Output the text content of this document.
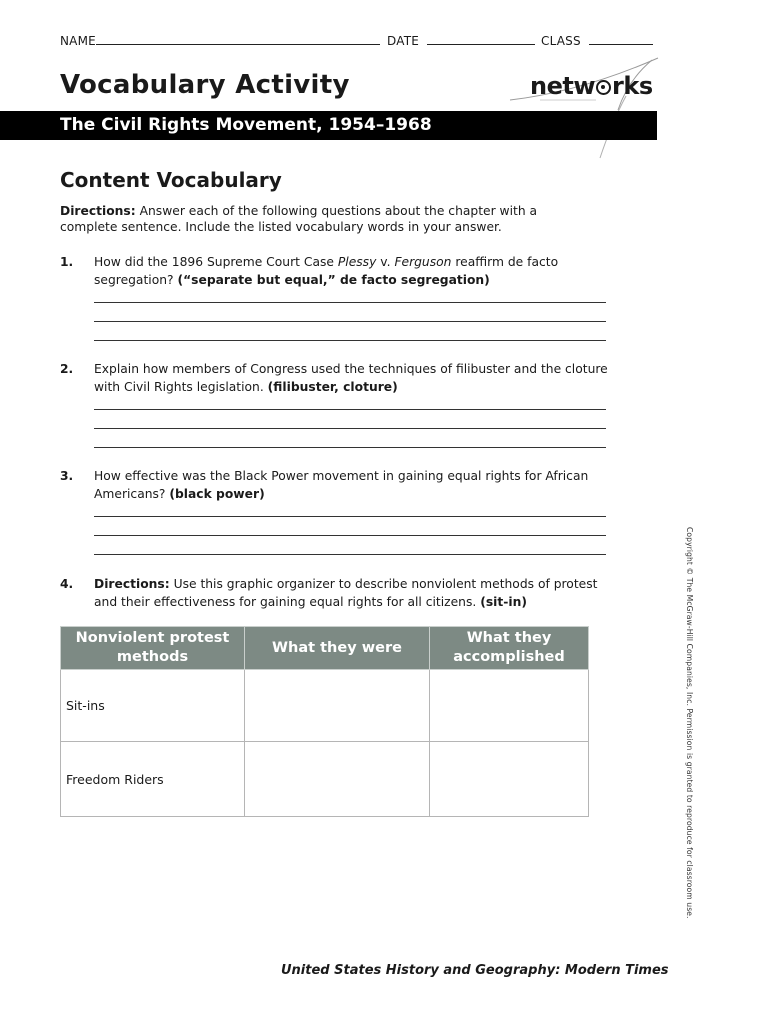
NAME	DATE	CLASS
Vocabulary Activity	netw rks
The Civil Rights Movement, 1954–1968
Content Vocabulary
Directions: Answer each of the following questions about the chapter with a complete sentence. Include the listed vocabulary words in your answer.
1. How did the 1896 Supreme Court Case Plessy v. Ferguson reaffirm de facto segregation? (“separate but equal,” de facto segregation)
2. Explain how members of Congress used the techniques of filibuster and the cloture with Civil Rights legislation. (filibuster, cloture)
3. How effective was the Black Power movement in gaining equal rights for African Americans? (black power)
4. Directions: Use this graphic organizer to describe nonviolent methods of protest and their effectiveness for gaining equal rights for all citizens. (sit-in)
Nonviolent protest methods	What they were	What they accomplished
Sit-ins		
Freedom Riders			Copyright © The McGraw-Hill Companies, Inc. Permission is granted to reproduce for classroom use.
United States History and Geography: Modern Times
